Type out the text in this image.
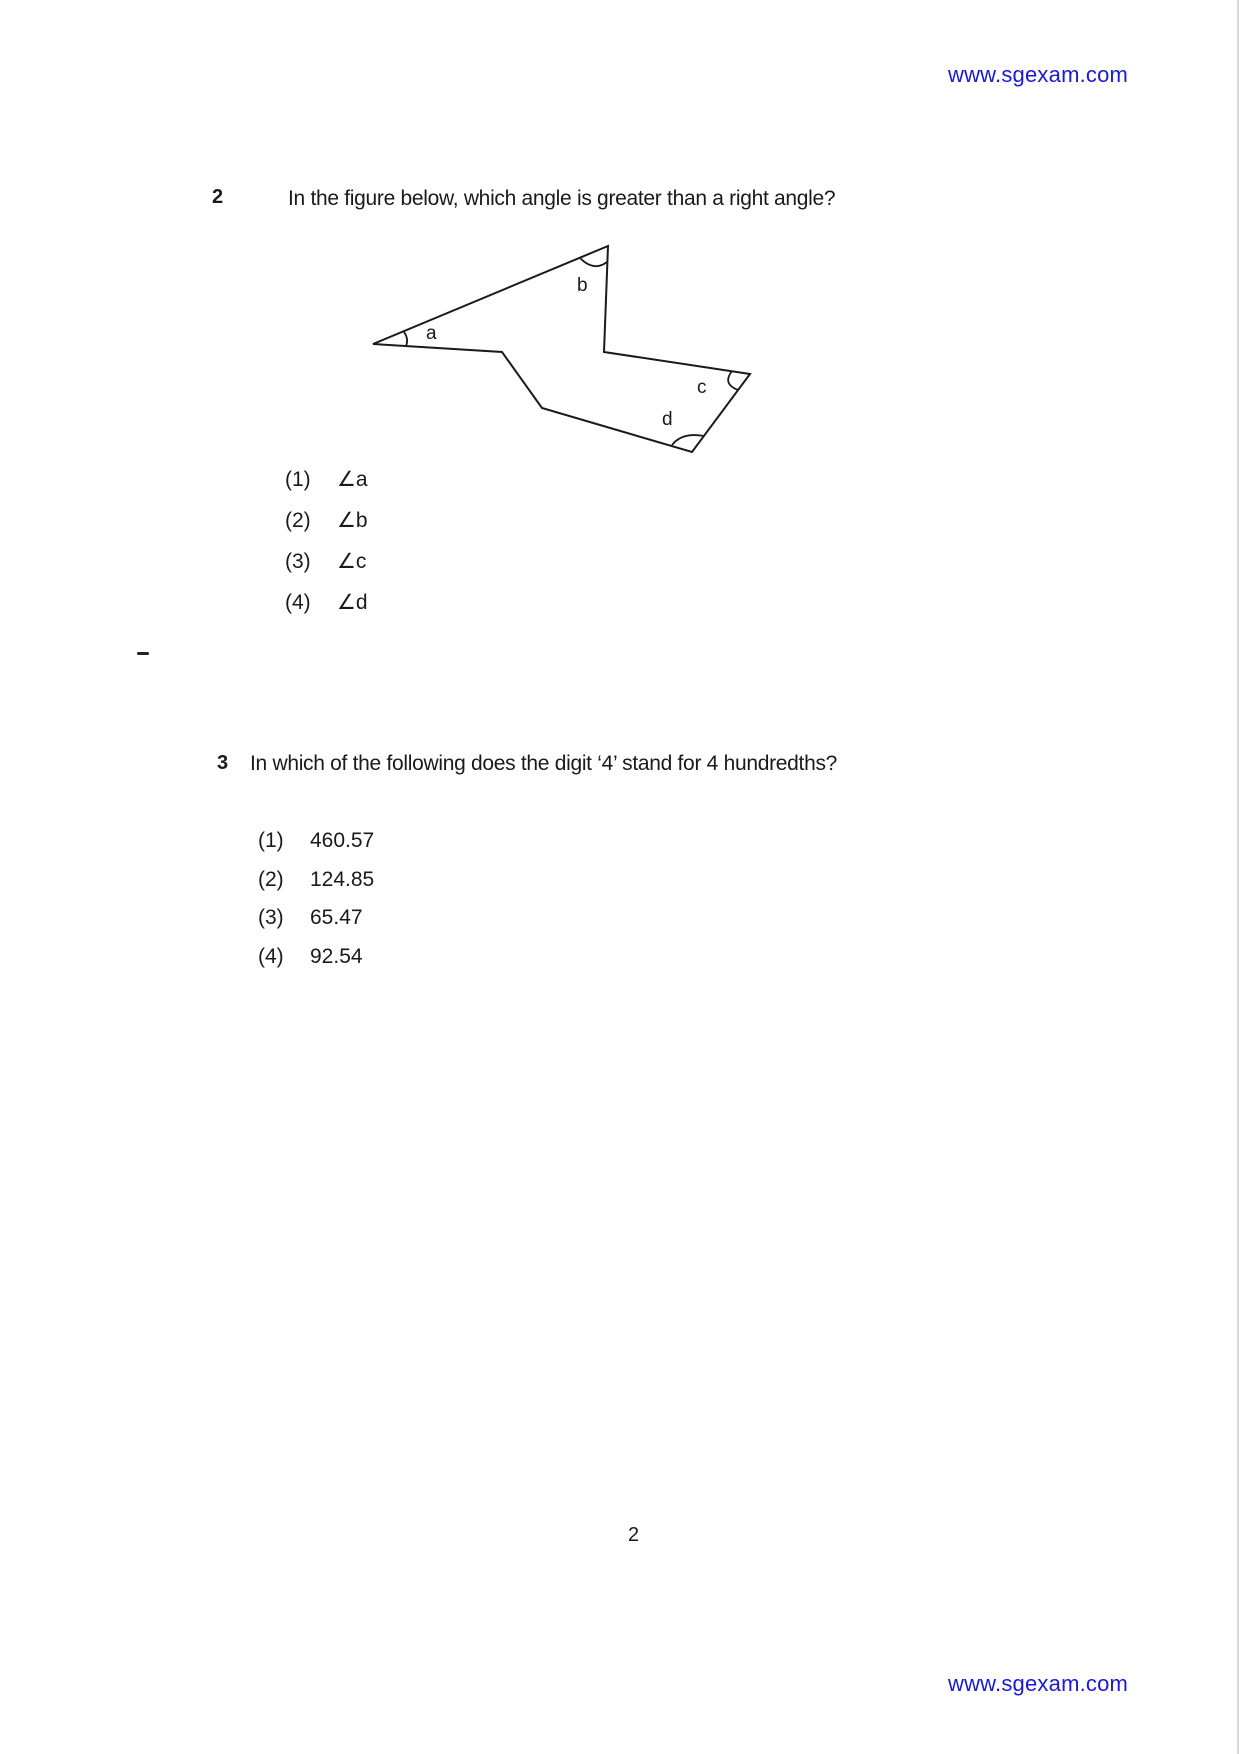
www.sgexam.com
2	In the figure below, which angle is greater than a right angle?
a
b
c
d
(1)	∠a
(2)	∠b
(3)	∠c
(4)	∠d
3 In which of the following does the digit ‘4’ stand for 4 hundredths?
(1)	460.57
(2)	124.85
(3)	65.47
(4)	92.54
2
www.sgexam.com
